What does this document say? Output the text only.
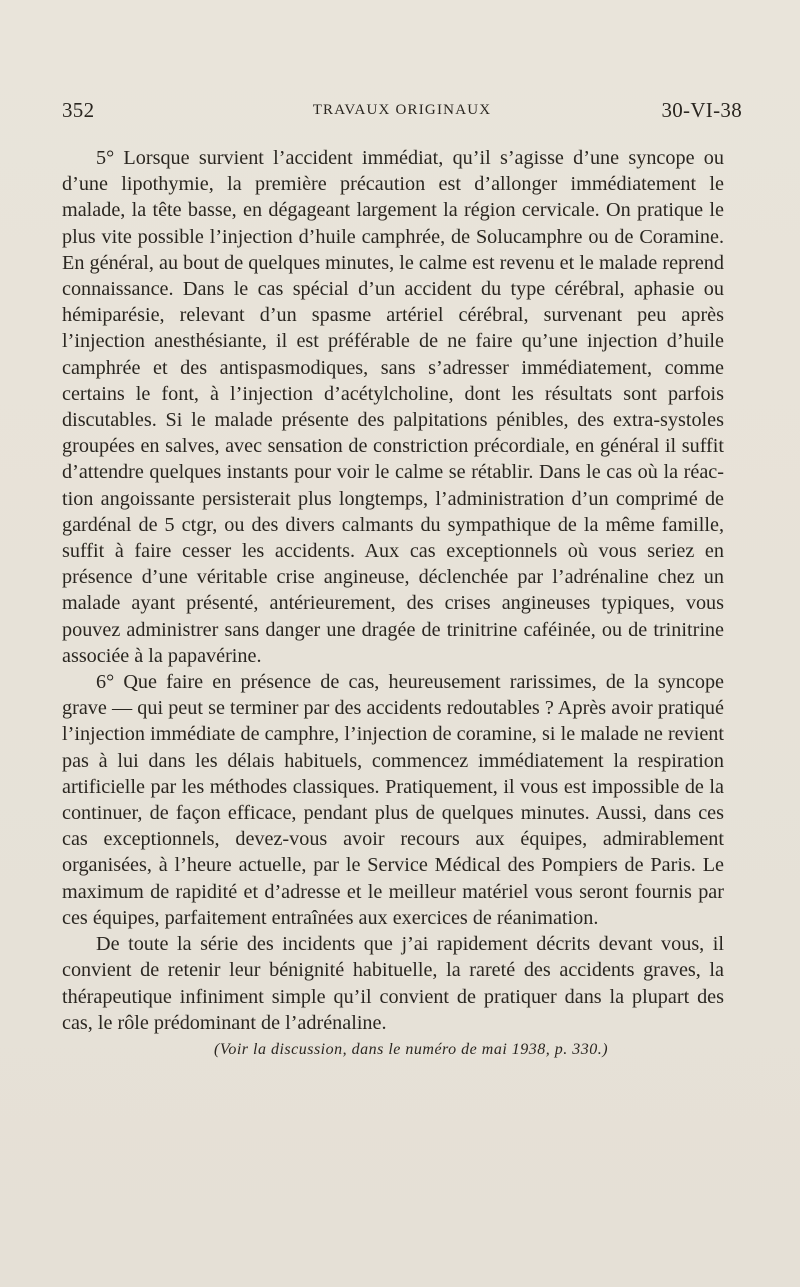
352	TRAVAUX ORIGINAUX	30-VI-38

5° Lorsque survient l’accident immédiat, qu’il s’agisse d’une syncope ou d’une lipothymie, la première précaution est d’allonger immédiatement le malade, la tête basse, en dégageant largement la région cervicale. On pratique le plus vite possible l’injection d’huile camphrée, de Solucamphre ou de Coramine. En général, au bout de quelques minutes, le calme est revenu et le malade reprend connaissance. Dans le cas spécial d’un accident du type cérébral, aphasie ou hémiparésie, relevant d’un spasme artériel cérébral, survenant peu après l’injection anesthésiante, il est préférable de ne faire qu’une injection d’huile camphrée et des antispasmodiques, sans s’adresser immédiatement, comme certains le font, à l’injection d’acétylcholine, dont les résultats sont parfois discutables. Si le malade présente des palpitations pénibles, des extra-systoles groupées en salves, avec sensation de constriction précordiale, en général il suffit d’attendre quelques instants pour voir le calme se rétablir. Dans le cas où la réaction angoissante persisterait plus longtemps, l’administration d’un comprimé de gardénal de 5 ctgr, ou des divers calmants du sympathique de la même famille, suffit à faire cesser les accidents. Aux cas exceptionnels où vous seriez en présence d’une véritable crise angineuse, déclenchée par l’adrénaline chez un malade ayant présenté, antérieurement, des crises angineuses typiques, vous pouvez administrer sans danger une dragée de trinitrine caféinée, ou de trinitrine associée à la papavérine.

6° Que faire en présence de cas, heureusement rarissimes, de la syncope grave — qui peut se terminer par des accidents redoutables ? Après avoir pratiqué l’injection immédiate de camphre, l’injection de coramine, si le malade ne revient pas à lui dans les délais habituels, commencez immédiatement la respiration artificielle par les méthodes classiques. Pratiquement, il vous est impossible de la continuer, de façon efficace, pendant plus de quelques minutes. Aussi, dans ces cas exceptionnels, devez-vous avoir recours aux équipes, admirablement organisées, à l’heure actuelle, par le Service Médical des Pompiers de Paris. Le maximum de rapidité et d’adresse et le meilleur matériel vous seront fournis par ces équipes, parfaitement entraînées aux exercices de réanimation.

De toute la série des incidents que j’ai rapidement décrits devant vous, il convient de retenir leur bénignité habituelle, la rareté des accidents graves, la thérapeutique infiniment simple qu’il convient de pratiquer dans la plupart des cas, le rôle prédominant de l’adrénaline.

(Voir la discussion, dans le numéro de mai 1938, p. 330.)
